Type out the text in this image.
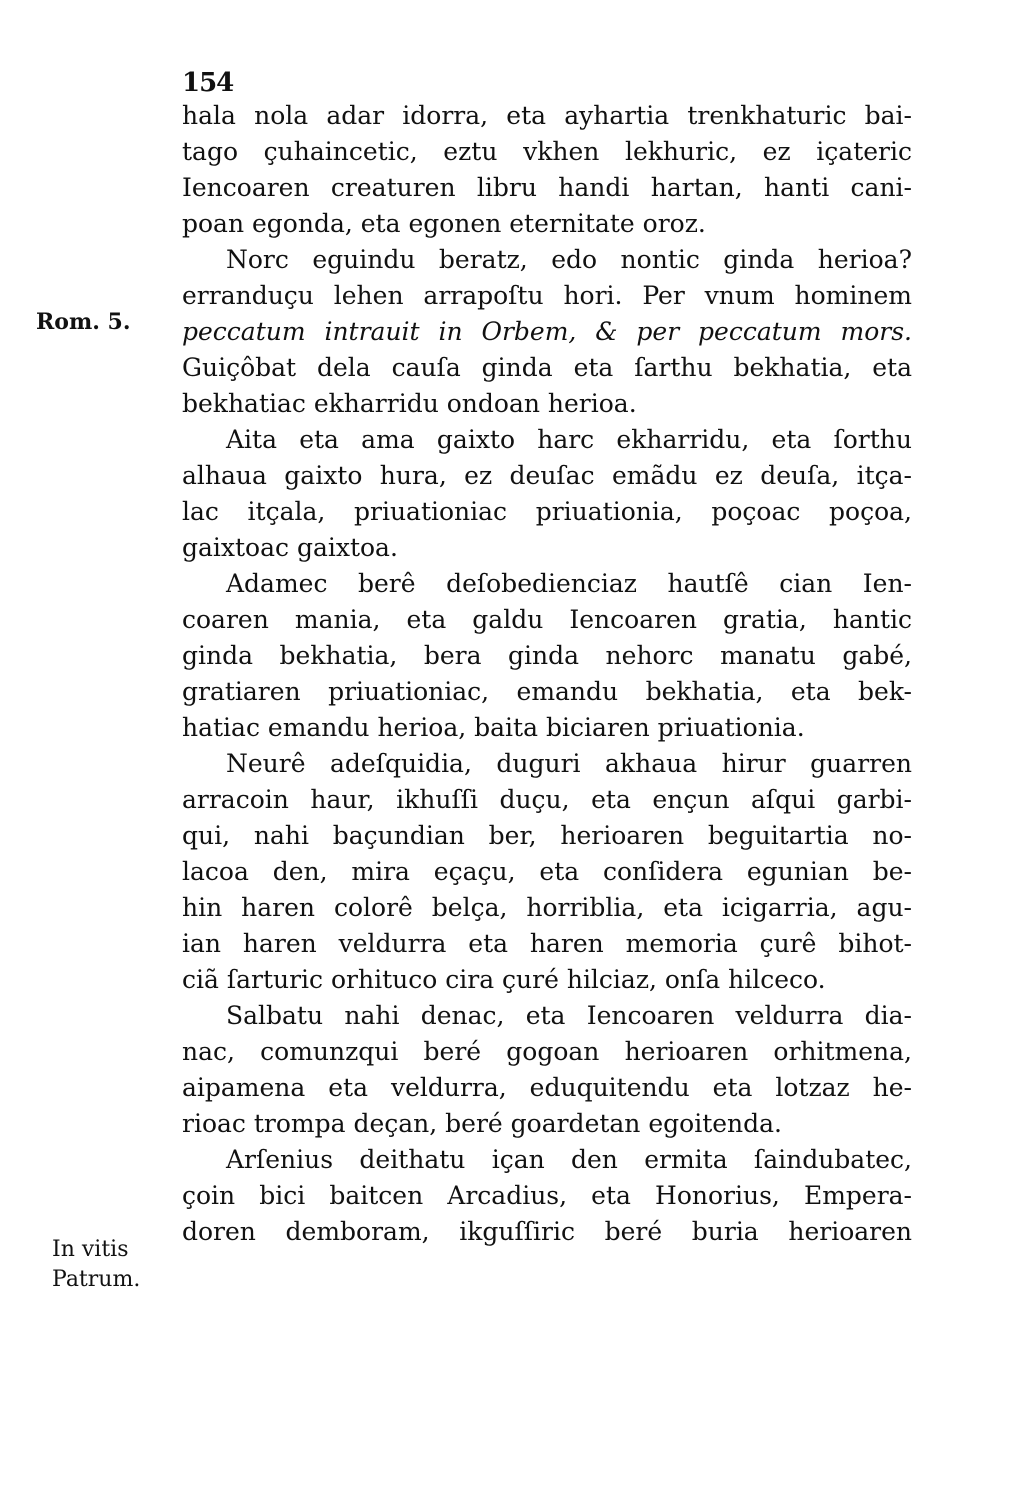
154
Rom. 5.
In vitis
Patrum.
hala nola adar idorra, eta ayhartia trenkhaturic bai-
tago çuhaincetic, eztu vkhen lekhuric, ez içateric
Iencoaren creaturen libru handi hartan, hanti cani-
poan egonda, eta egonen eternitate oroz.
Norc eguindu beratz, edo nontic ginda herioa?
erranduçu lehen arrapoſtu hori. Per vnum hominem
peccatum intrauit in Orbem, & per peccatum mors.
Guiçôbat dela cauſa ginda eta ſarthu bekhatia, eta
bekhatiac ekharridu ondoan herioa.
Aita eta ama gaixto harc ekharridu, eta ſorthu
alhaua gaixto hura, ez deuſac emãdu ez deuſa, itça-
lac itçala, priuationiac priuationia, poçoac poçoa,
gaixtoac gaixtoa.
Adamec berê deſobedienciaz hautſê cian Ien-
coaren mania, eta galdu Iencoaren gratia, hantic
ginda bekhatia, bera ginda nehorc manatu gabé,
gratiaren priuationiac, emandu bekhatia, eta bek-
hatiac emandu herioa, baita biciaren priuationia.
Neurê adeſquidia, duguri akhaua hirur guarren
arracoin haur, ikhuſſi duçu, eta ençun aſqui garbi-
qui, nahi baçundian ber, herioaren beguitartia no-
lacoa den, mira eçaçu, eta conſidera egunian be-
hin haren colorê belça, horriblia, eta icigarria, agu-
ian haren veldurra eta haren memoria çurê bihot-
ciã ſarturic orhituco cira çuré hilciaz, onſa hilceco.
Salbatu nahi denac, eta Iencoaren veldurra dia-
nac, comunzqui beré gogoan herioaren orhitmena,
aipamena eta veldurra, eduquitendu eta lotzaz he-
rioac trompa deçan, beré goardetan egoitenda.
Arſenius deithatu içan den ermita ſaindubatec,
çoin bici baitcen Arcadius, eta Honorius, Empera-
doren demboram, ikguſſiric beré buria herioaren
